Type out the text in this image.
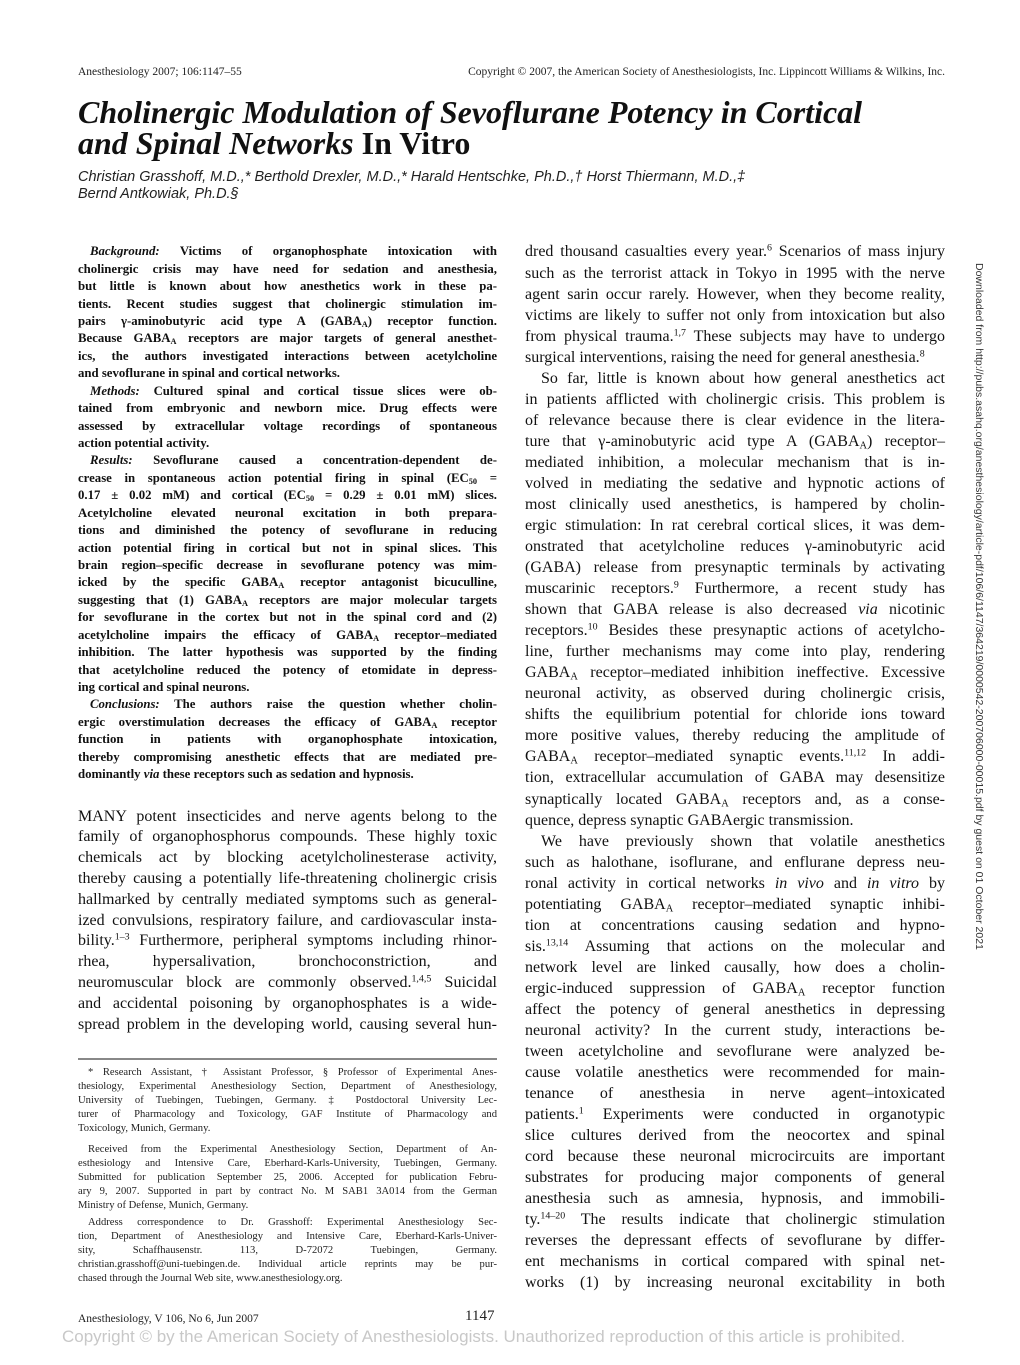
Anesthesiology 2007; 106:1147–55	Copyright © 2007, the American Society of Anesthesiologists, Inc. Lippincott Williams & Wilkins, Inc.
Cholinergic Modulation of Sevoflurane Potency in Cortical
and Spinal Networks In Vitro
Christian Grasshoff, M.D.,* Berthold Drexler, M.D.,* Harald Hentschke, Ph.D.,† Horst Thiermann, M.D.,‡
Bernd Antkowiak, Ph.D.§
Background: Victims of organophosphate intoxication with
cholinergic crisis may have need for sedation and anesthesia,
but little is known about how anesthetics work in these pa-
tients. Recent studies suggest that cholinergic stimulation im-
pairs γ-aminobutyric acid type A $(GABA_A)$ receptor function.
Because $GABA_A$ receptors are major targets of general anesthet-
ics, the authors investigated interactions between acetylcholine
and sevoflurane in spinal and cortical networks.
Methods: Cultured spinal and cortical tissue slices were ob-
tained from embryonic and newborn mice. Drug effects were
assessed by extracellular voltage recordings of spontaneous
action potential activity.
Results: Sevoflurane caused a concentration-dependent de-
crease in spontaneous action potential firing in spinal ($EC_{50}$ =
0.17 ± 0.02 mM) and cortical ($EC_{50} = 0.29 \pm 0.01$ mM) slices.
Acetylcholine elevated neuronal excitation in both prepara-
tions and diminished the potency of sevoflurane in reducing
action potential firing in cortical but not in spinal slices. This
brain region–specific decrease in sevoflurane potency was mim-
icked by the specific $GABA_A$ receptor antagonist bicuculline,
suggesting that (1) $GABA_A$ receptors are major molecular targets
for sevoflurane in the cortex but not in the spinal cord and (2)
acetylcholine impairs the efficacy of $GABA_A$ receptor–mediated
inhibition. The latter hypothesis was supported by the finding
that acetylcholine reduced the potency of etomidate in depress-
ing cortical and spinal neurons.
Conclusions: The authors raise the question whether cholin-
ergic overstimulation decreases the efficacy of $GABA_A$ receptor
function in patients with organophosphate intoxication,
thereby compromising anesthetic effects that are mediated pre-
dominantly via these receptors such as sedation and hypnosis.
MANY potent insecticides and nerve agents belong to the
family of organophosphorus compounds. These highly toxic
chemicals act by blocking acetylcholinesterase activity,
thereby causing a potentially life-threatening cholinergic crisis
hallmarked by centrally mediated symptoms such as general-
ized convulsions, respiratory failure, and cardiovascular insta-
bility.$^{1-3}$ Furthermore, peripheral symptoms including rhinor-
rhea, hypersalivation, bronchoconstriction, and
neuromuscular block are commonly observed.$^{1,4,5}$ Suicidal
and accidental poisoning by organophosphates is a wide-
spread problem in the developing world, causing several hun-
dred thousand casualties every year.$^6$ Scenarios of mass injury
such as the terrorist attack in Tokyo in 1995 with the nerve
agent sarin occur rarely. However, when they become reality,
victims are likely to suffer not only from intoxication but also
from physical trauma.$^{1,7}$ These subjects may have to undergo
surgical interventions, raising the need for general anesthesia.$^8$
So far, little is known about how general anesthetics act
in patients afflicted with cholinergic crisis. This problem is
of relevance because there is clear evidence in the litera-
ture that γ-aminobutyric acid type A $(GABA_A)$ receptor–
mediated inhibition, a molecular mechanism that is in-
volved in mediating the sedative and hypnotic actions of
most clinically used anesthetics, is hampered by cholin-
ergic stimulation: In rat cerebral cortical slices, it was dem-
onstrated that acetylcholine reduces γ-aminobutyric acid
(GABA) release from presynaptic terminals by activating
muscarinic receptors.$^9$ Furthermore, a recent study has
shown that GABA release is also decreased via nicotinic
receptors.$^{10}$ Besides these presynaptic actions of acetylcho-
line, further mechanisms may come into play, rendering
$GABA_A$ receptor–mediated inhibition ineffective. Excessive
neuronal activity, as observed during cholinergic crisis,
shifts the equilibrium potential for chloride ions toward
more positive values, thereby reducing the amplitude of
$GABA_A$ receptor–mediated synaptic events.$^{11,12}$ In addi-
tion, extracellular accumulation of GABA may desensitize
synaptically located $GABA_A$ receptors and, as a conse-
quence, depress synaptic GABAergic transmission.
We have previously shown that volatile anesthetics
such as halothane, isoflurane, and enflurane depress neu-
ronal activity in cortical networks in vivo and in vitro by
potentiating $GABA_A$ receptor–mediated synaptic inhibi-
tion at concentrations causing sedation and hypno-
sis.$^{13,14}$ Assuming that actions on the molecular and
network level are linked causally, how does a cholin-
ergic-induced suppression of $GABA_A$ receptor function
affect the potency of general anesthetics in depressing
neuronal activity? In the current study, interactions be-
tween acetylcholine and sevoflurane were analyzed be-
cause volatile anesthetics were recommended for main-
tenance of anesthesia in nerve agent–intoxicated
patients.$^1$ Experiments were conducted in organotypic
slice cultures derived from the neocortex and spinal
cord because these neuronal microcircuits are important
substrates for producing major components of general
anesthesia such as amnesia, hypnosis, and immobili-
ty.$^{14-20}$ The results indicate that cholinergic stimulation
reverses the depressant effects of sevoflurane by differ-
ent mechanisms in cortical compared with spinal net-
works (1) by increasing neuronal excitability in both
* Research Assistant, † Assistant Professor, § Professor of Experimental Anes-
thesiology, Experimental Anesthesiology Section, Department of Anesthesiology,
University of Tuebingen, Tuebingen, Germany. ‡ Postdoctoral University Lec-
turer of Pharmacology and Toxicology, GAF Institute of Pharmacology and
Toxicology, Munich, Germany.
Received from the Experimental Anesthesiology Section, Department of An-
esthesiology and Intensive Care, Eberhard-Karls-University, Tuebingen, Germany.
Submitted for publication September 25, 2006. Accepted for publication Febru-
ary 9, 2007. Supported in part by contract No. M SAB1 3A014 from the German
Ministry of Defense, Munich, Germany.
Address correspondence to Dr. Grasshoff: Experimental Anesthesiology Sec-
tion, Department of Anesthesiology and Intensive Care, Eberhard-Karls-Univer-
sity, Schaffhausenstr. 113, D-72072 Tuebingen, Germany.
christian.grasshoff@uni-tuebingen.de. Individual article reprints may be pur-
chased through the Journal Web site, www.anesthesiology.org.
Downloaded from http://pubs.asahq.org/anesthesiology/article-pdf/106/6/1147/364219/0000542-200706000-00015.pdf by guest on 01 October 2021
Anesthesiology, V 106, No 6, Jun 2007	1147
Copyright © by the American Society of Anesthesiologists. Unauthorized reproduction of this article is prohibited.
